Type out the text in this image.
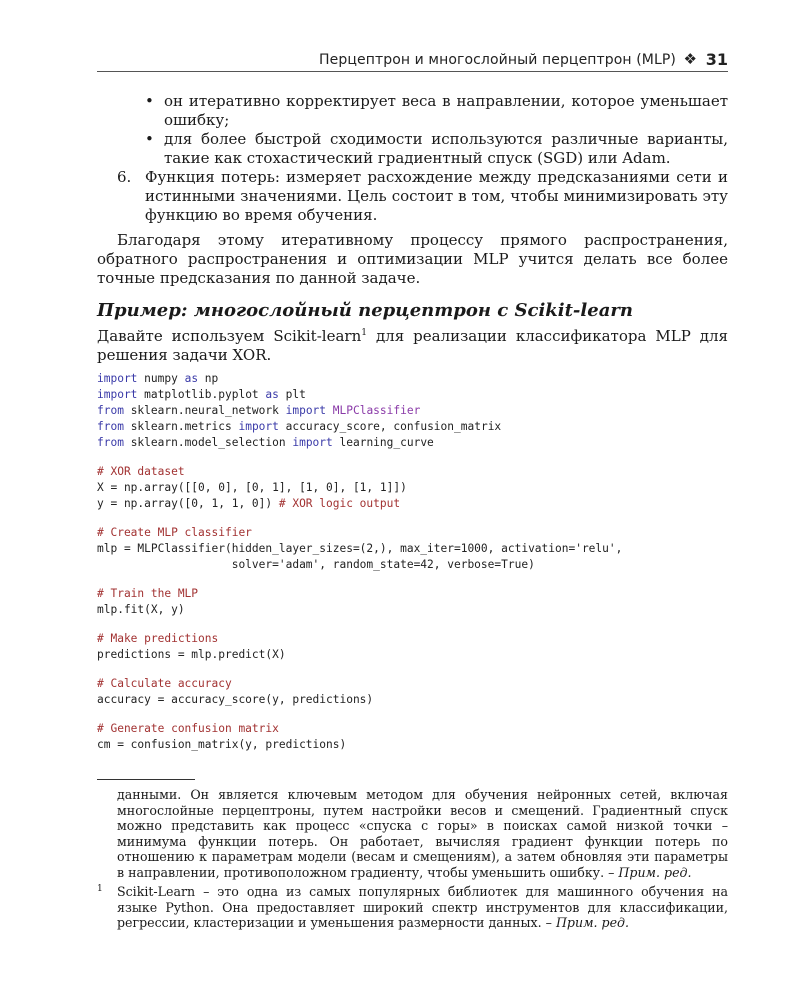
Перцептрон и многослойный перцептрон (MLP) ❖ 31
• он итеративно корректирует веса в направлении, которое уменьшает ошибку;
• для более быстрой сходимости используются различные варианты, такие как стохастический градиентный спуск (SGD) или Adam.
6. Функция потерь: измеряет расхождение между предсказаниями сети и истинными значениями. Цель состоит в том, чтобы минимизировать эту функцию во время обучения.
Благодаря этому итеративному процессу прямого распространения, обратного распространения и оптимизации MLP учится делать все более точные предсказания по данной задаче.
Пример: многослойный перцептрон с Scikit-learn
Давайте используем Scikit-learn$^1$ для реализации классификатора MLP для решения задачи XOR.
import numpy as np
import matplotlib.pyplot as plt
from sklearn.neural_network import MLPClassifier
from sklearn.metrics import accuracy_score, confusion_matrix
from sklearn.model_selection import learning_curve
# XOR dataset
X = np.array([[0, 0], [0, 1], [1, 0], [1, 1]])
y = np.array([0, 1, 1, 0]) # XOR logic output
# Create MLP classifier
mlp = MLPClassifier(hidden_layer_sizes=(2,), max_iter=1000, activation='relu',
solver='adam', random_state=42, verbose=True)
# Train the MLP
mlp.fit(X, y)
# Make predictions
predictions = mlp.predict(X)
# Calculate accuracy
accuracy = accuracy_score(y, predictions)
# Generate confusion matrix
cm = confusion_matrix(y, predictions)
данными. Он является ключевым методом для обучения нейронных сетей, включая многослойные перцептроны, путем настройки весов и смещений. Градиентный спуск можно представить как процесс «спуска с горы» в поисках самой низкой точки – минимума функции потерь. Он работает, вычисляя градиент функции потерь по отношению к параметрам модели (весам и смещениям), а затем обновляя эти параметры в направлении, противоположном градиенту, чтобы уменьшить ошибку. – Прим. ред.
1 Scikit-Learn – это одна из самых популярных библиотек для машинного обучения на языке Python. Она предоставляет широкий спектр инструментов для классификации, регрессии, кластеризации и уменьшения размерности данных. – Прим. ред.
